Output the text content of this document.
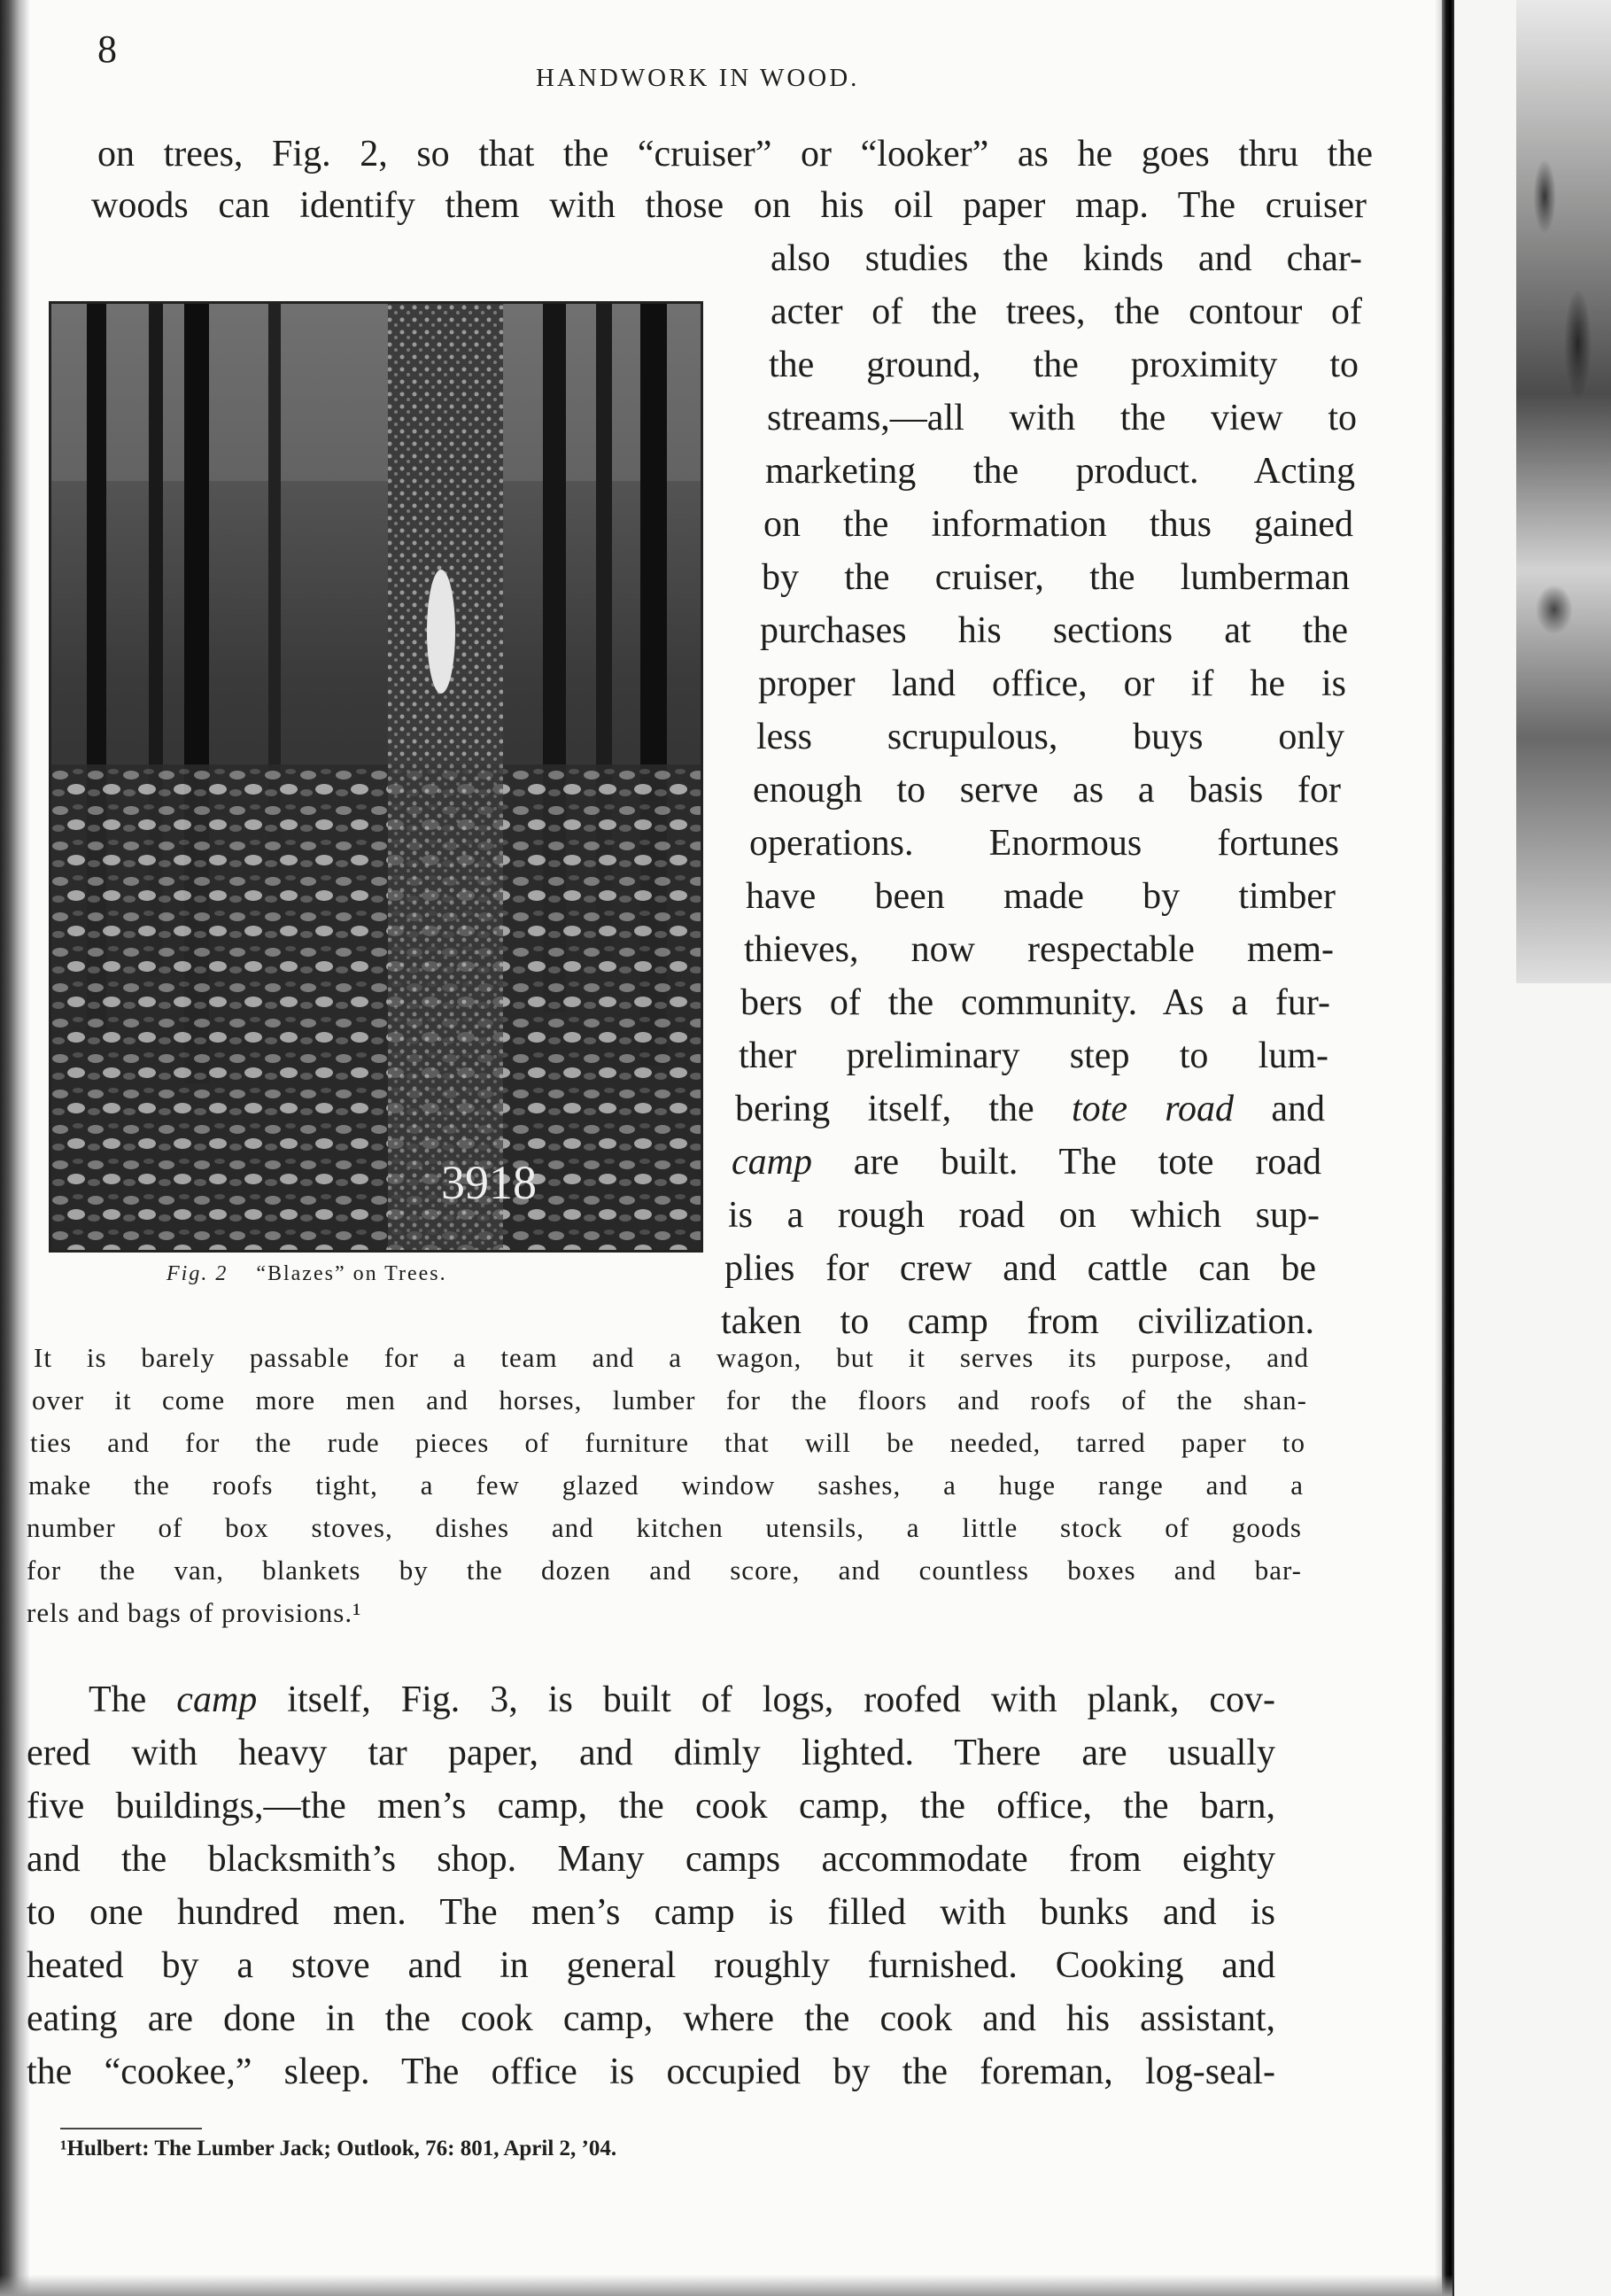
8
HANDWORK IN WOOD.

on trees, Fig. 2, so that the “cruiser” or “looker” as he goes thru the

woods can identify them with those on his oil paper map. The cruiser

3918

also studies the kinds and char-

acter of the trees, the contour of

the ground, the proximity to

streams,—all with the view to

marketing the product. Acting

on the information thus gained

by the cruiser, the lumberman

purchases his sections at the

proper land office, or if he is

less scrupulous, buys only

enough to serve as a basis for

operations. Enormous fortunes

have been made by timber

thieves, now respectable mem-

bers of the community. As a fur-

ther preliminary step to lum-

bering itself, the tote road and

camp are built. The tote road

is a rough road on which sup-

plies for crew and cattle can be

taken to camp from civilization.

Fig. 2 “Blazes” on Trees.

It is barely passable for a team and a wagon, but it serves its purpose, and

over it come more men and horses, lumber for the floors and roofs of the shan-

ties and for the rude pieces of furniture that will be needed, tarred paper to

make the roofs tight, a few glazed window sashes, a huge range and a

number of box stoves, dishes and kitchen utensils, a little stock of goods

for the van, blankets by the dozen and score, and countless boxes and bar-

rels and bags of provisions.¹

The camp itself, Fig. 3, is built of logs, roofed with plank, cov-

ered with heavy tar paper, and dimly lighted. There are usually

five buildings,—the men’s camp, the cook camp, the office, the barn,

and the blacksmith’s shop. Many camps accommodate from eighty

to one hundred men. The men’s camp is filled with bunks and is

heated by a stove and in general roughly furnished. Cooking and

eating are done in the cook camp, where the cook and his assistant,

the “cookee,” sleep. The office is occupied by the foreman, log-seal-

¹Hulbert: The Lumber Jack; Outlook, 76: 801, April 2, ’04.
